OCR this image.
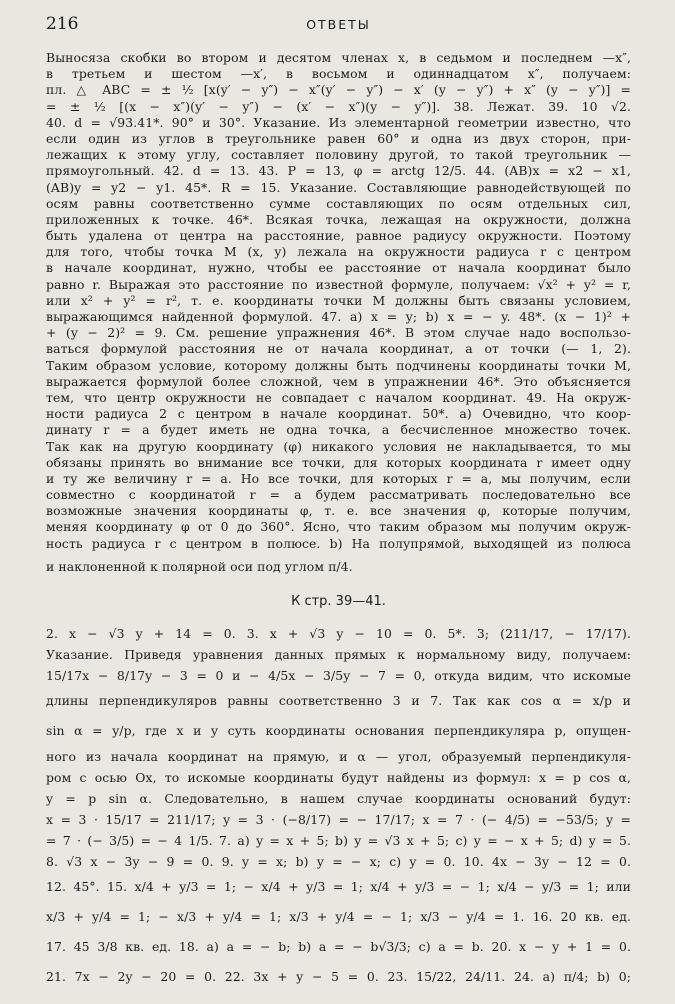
216	ОТВЕТЫ

Выносяза скобки во втором и десятом членах x, в седьмом и последнем —x″,

в третьем и шестом —x′, в восьмом и одиннадцатом x″, получаем:

пл. △ ABC = ± ½ [x(y′ − y″) − x″(y′ − y″) − x′ (y − y″) + x″ (y − y″)] =

= ± ½ [(x − x″)(y′ − y″) − (x′ − x″)(y − y″)]. 38. Лежат. 39. 10 √2.

40. d = √93.41*. 90° и 30°. Указание. Из элементарной геометрии известно, что

если один из углов в треугольнике равен 60° и одна из двух сторон, при-

лежащих к этому углу, составляет половину другой, то такой треугольник —

прямоугольный. 42. d = 13. 43. P = 13, φ = arctg 12/5. 44. (AB)x = x2 − x1,

(AB)y = y2 − y1. 45*. R = 15. Указание. Составляющие равнодействующей по

осям равны соответственно сумме составляющих по осям отдельных сил,

приложенных к точке. 46*. Всякая точка, лежащая на окружности, должна

быть удалена от центра на расстояние, равное радиусу окружности. Поэтому

для того, чтобы точка M (x, y) лежала на окружности радиуса r с центром

в начале координат, нужно, чтобы ее расстояние от начала координат было

равно r. Выражая это расстояние по известной формуле, получаем: √x² + y² = r,

или x² + y² = r², т. е. координаты точки M должны быть связаны условием,

выражающимся найденной формулой. 47. a) x = y; b) x = − y. 48*. (x − 1)² +

+ (y − 2)² = 9. См. решение упражнения 46*. В этом случае надо воспользо-

ваться формулой расстояния не от начала координат, а от точки (— 1, 2).

Таким образом условие, которому должны быть подчинены координаты точки M,

выражается формулой более сложной, чем в упражнении 46*. Это объясняется

тем, что центр окружности не совпадает с началом координат. 49. На окруж-

ности радиуса 2 с центром в начале координат. 50*. a) Очевидно, что коор-

динату r = a будет иметь не одна точка, а бесчисленное множество точек.

Так как на другую координату (φ) никакого условия не накладывается, то мы

обязаны принять во внимание все точки, для которых координата r имеет одну

и ту же величину r = a. Но все точки, для которых r = a, мы получим, если

совместно с координатой r = a будем рассматривать последовательно все

возможные значения координаты φ, т. е. все значения φ, которые получим,

меняя координату φ от 0 до 360°. Ясно, что таким образом мы получим окруж-

ность радиуса r с центром в полюсе. b) На полупрямой, выходящей из полюса

и наклоненной к полярной оси под углом π/4.

К стр. 39—41.

2. x − √3 y + 14 = 0. 3. x + √3 y − 10 = 0. 5*. 3; (211/17, − 17/17).

Указание. Приведя уравнения данных прямых к нормальному виду, получаем:

15/17x − 8/17y − 3 = 0 и − 4/5x − 3/5y − 7 = 0, откуда видим, что искомые

длины перпендикуляров равны соответственно 3 и 7. Так как cos α = x/p и

sin α = y/p, где x и y суть координаты основания перпендикуляра p, опущен-

ного из начала координат на прямую, и α — угол, образуемый перпендикуля-

ром с осью Ox, то искомые координаты будут найдены из формул: x = p cos α,

y = p sin α. Следовательно, в нашем случае координаты оснований будут:

x = 3 · 15/17 = 211/17; y = 3 · (−8/17) = − 17/17; x = 7 · (− 4/5) = −53/5; y =

= 7 · (− 3/5) = − 4 1/5. 7. a) y = x + 5; b) y = √3 x + 5; c) y = − x + 5; d) y = 5.

8. √3 x − 3y − 9 = 0. 9. y = x; b) y = − x; c) y = 0. 10. 4x − 3y − 12 = 0.

12. 45°. 15. x/4 + y/3 = 1; − x/4 + y/3 = 1; x/4 + y/3 = − 1; x/4 − y/3 = 1; или

x/3 + y/4 = 1; − x/3 + y/4 = 1; x/3 + y/4 = − 1; x/3 − y/4 = 1. 16. 20 кв. ед.

17. 45 3/8 кв. ед. 18. a) a = − b; b) a = − b√3/3; c) a = b. 20. x − y + 1 = 0.

21. 7x − 2y − 20 = 0. 22. 3x + y − 5 = 0. 23. 15/22, 24/11. 24. a) π/4; b) 0;
